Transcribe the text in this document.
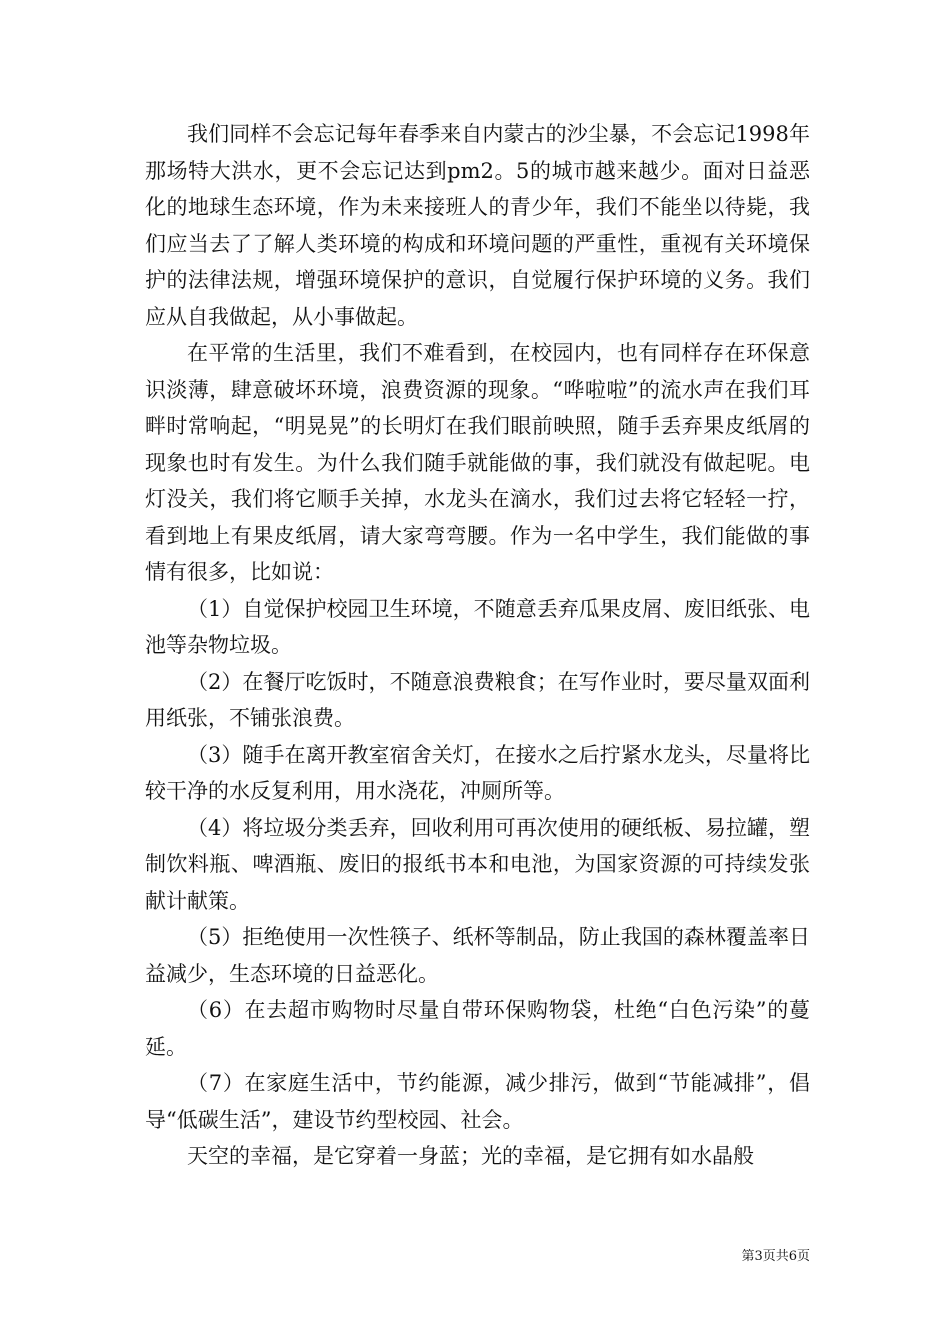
我们同样不会忘记每年春季来自内蒙古的沙尘暴，不会忘记1998年那场特大洪水，更不会忘记达到pm2。5的城市越来越少。面对日益恶化的地球生态环境，作为未来接班人的青少年，我们不能坐以待毙，我们应当去了了解人类环境的构成和环境问题的严重性，重视有关环境保护的法律法规，增强环境保护的意识，自觉履行保护环境的义务。我们应从自我做起，从小事做起。

在平常的生活里，我们不难看到，在校园内，也有同样存在环保意识淡薄，肆意破坏环境，浪费资源的现象。“哗啦啦”的流水声在我们耳畔时常响起，“明晃晃”的长明灯在我们眼前映照，随手丢弃果皮纸屑的现象也时有发生。为什么我们随手就能做的事，我们就没有做起呢。电灯没关，我们将它顺手关掉，水龙头在滴水，我们过去将它轻轻一拧，看到地上有果皮纸屑，请大家弯弯腰。作为一名中学生，我们能做的事情有很多，比如说：

（1）自觉保护校园卫生环境，不随意丢弃瓜果皮屑、废旧纸张、电池等杂物垃圾。

（2）在餐厅吃饭时，不随意浪费粮食；在写作业时，要尽量双面利用纸张，不铺张浪费。

（3）随手在离开教室宿舍关灯，在接水之后拧紧水龙头，尽量将比较干净的水反复利用，用水浇花，冲厕所等。

（4）将垃圾分类丢弃，回收利用可再次使用的硬纸板、易拉罐，塑制饮料瓶、啤酒瓶、废旧的报纸书本和电池，为国家资源的可持续发张献计献策。

（5）拒绝使用一次性筷子、纸杯等制品，防止我国的森林覆盖率日益减少，生态环境的日益恶化。

（6）在去超市购物时尽量自带环保购物袋，杜绝“白色污染”的蔓延。

（7）在家庭生活中，节约能源，减少排污，做到“节能减排”，倡导“低碳生活”，建设节约型校园、社会。

天空的幸福，是它穿着一身蓝；光的幸福，是它拥有如水晶般

第3页共6页
